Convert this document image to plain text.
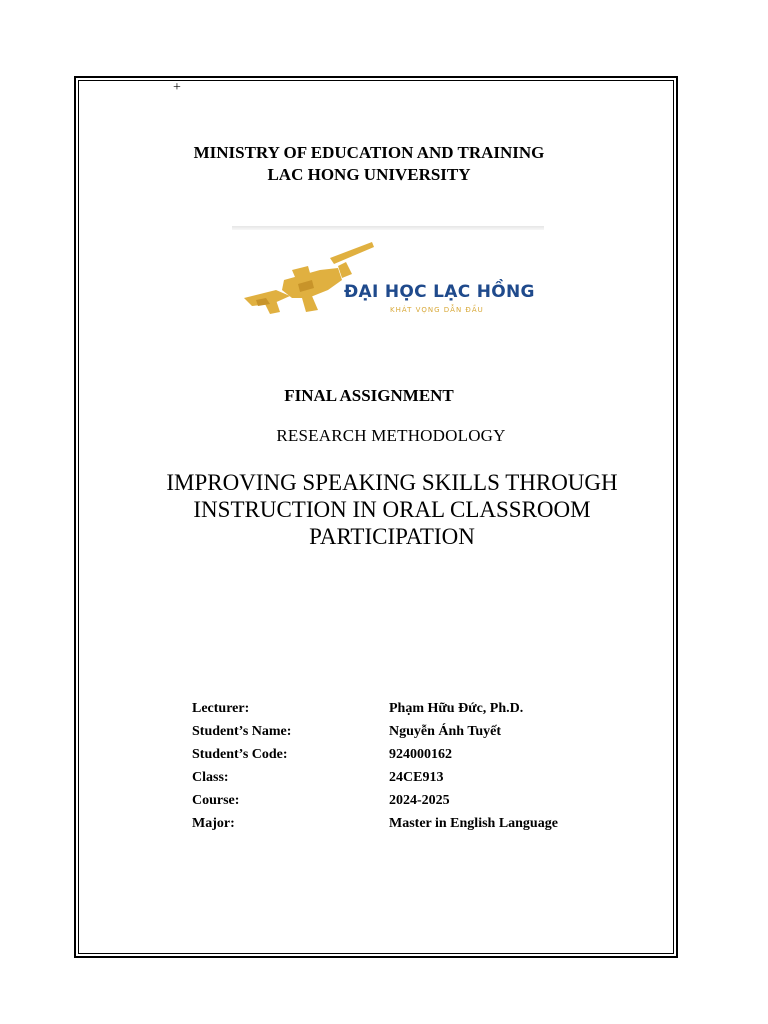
+
MINISTRY OF EDUCATION AND TRAINING
LAC HONG UNIVERSITY
ĐẠI HỌC LẠC HỒNG
KHÁT VỌNG DẪN ĐẦU
FINAL ASSIGNMENT
RESEARCH METHODOLOGY
IMPROVING SPEAKING SKILLS THROUGH INSTRUCTION IN ORAL CLASSROOM PARTICIPATION
Lecturer:	Phạm Hữu Đức, Ph.D.
Student’s Name:	Nguyễn Ánh Tuyết
Student’s Code:	924000162
Class:	24CE913
Course:	2024-2025
Major:	Master in English Language
